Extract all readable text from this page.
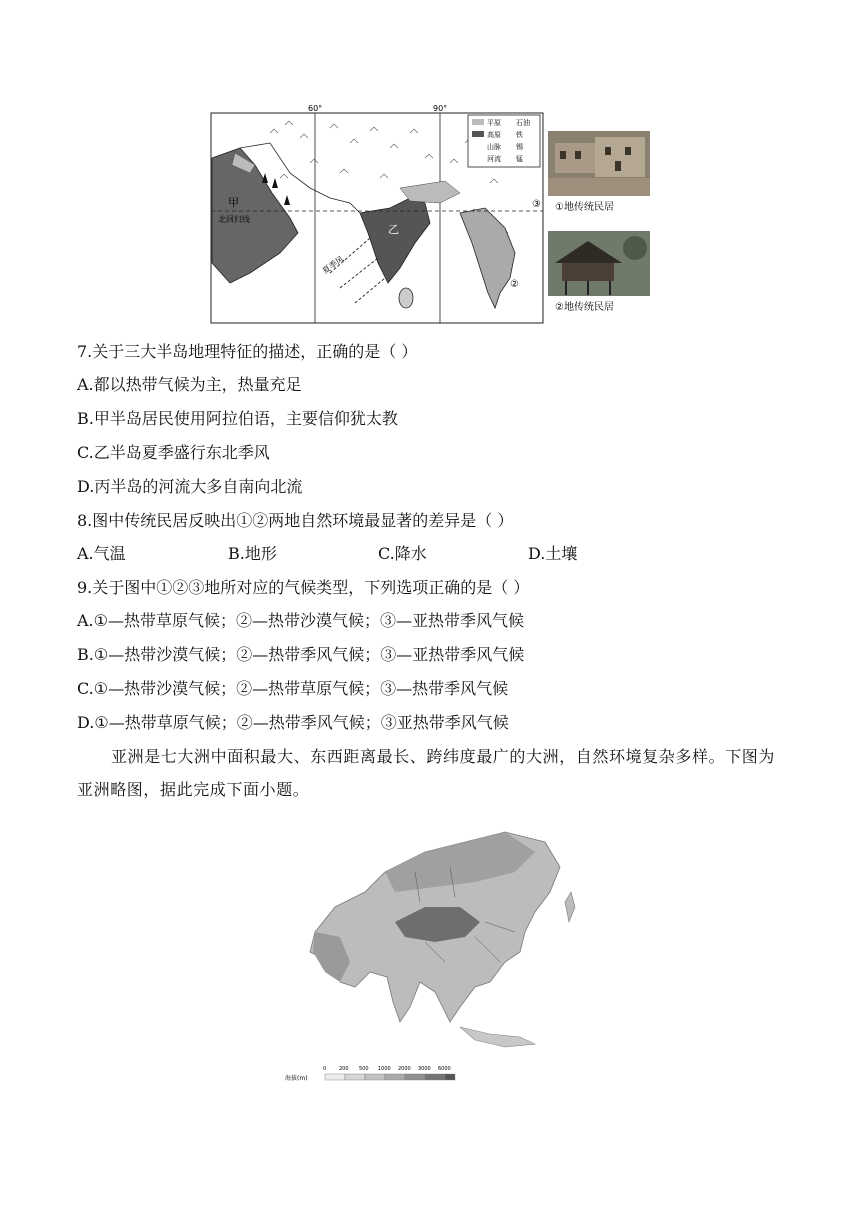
60°	90°
北回归线
甲
乙
夏季风
③
②
平原 石油
高原 铁
山脉 锡
河流 锰
①地传统民居
②地传统民居
7.关于三大半岛地理特征的描述，正确的是（ ）
A.都以热带气候为主，热量充足
B.甲半岛居民使用阿拉伯语，主要信仰犹太教
C.乙半岛夏季盛行东北季风
D.丙半岛的河流大多自南向北流
8.图中传统民居反映出①②两地自然环境最显著的差异是（ ）
A.气温	B.地形	C.降水	D.土壤
9.关于图中①②③地所对应的气候类型，下列选项正确的是（ ）
A.①—热带草原气候；②—热带沙漠气候；③—亚热带季风气候
B.①—热带沙漠气候；②—热带季风气候；③—亚热带季风气候
C.①—热带沙漠气候；②—热带草原气候；③—热带季风气候
D.①—热带草原气候；②—热带季风气候；③亚热带季风气候
亚洲是七大洲中面积最大、东西距离最长、跨纬度最广的大洲，自然环境复杂多样。下图为亚洲略图，据此完成下面小题。
海拔(m)
0	200 500 1000 2000 3000 6000
